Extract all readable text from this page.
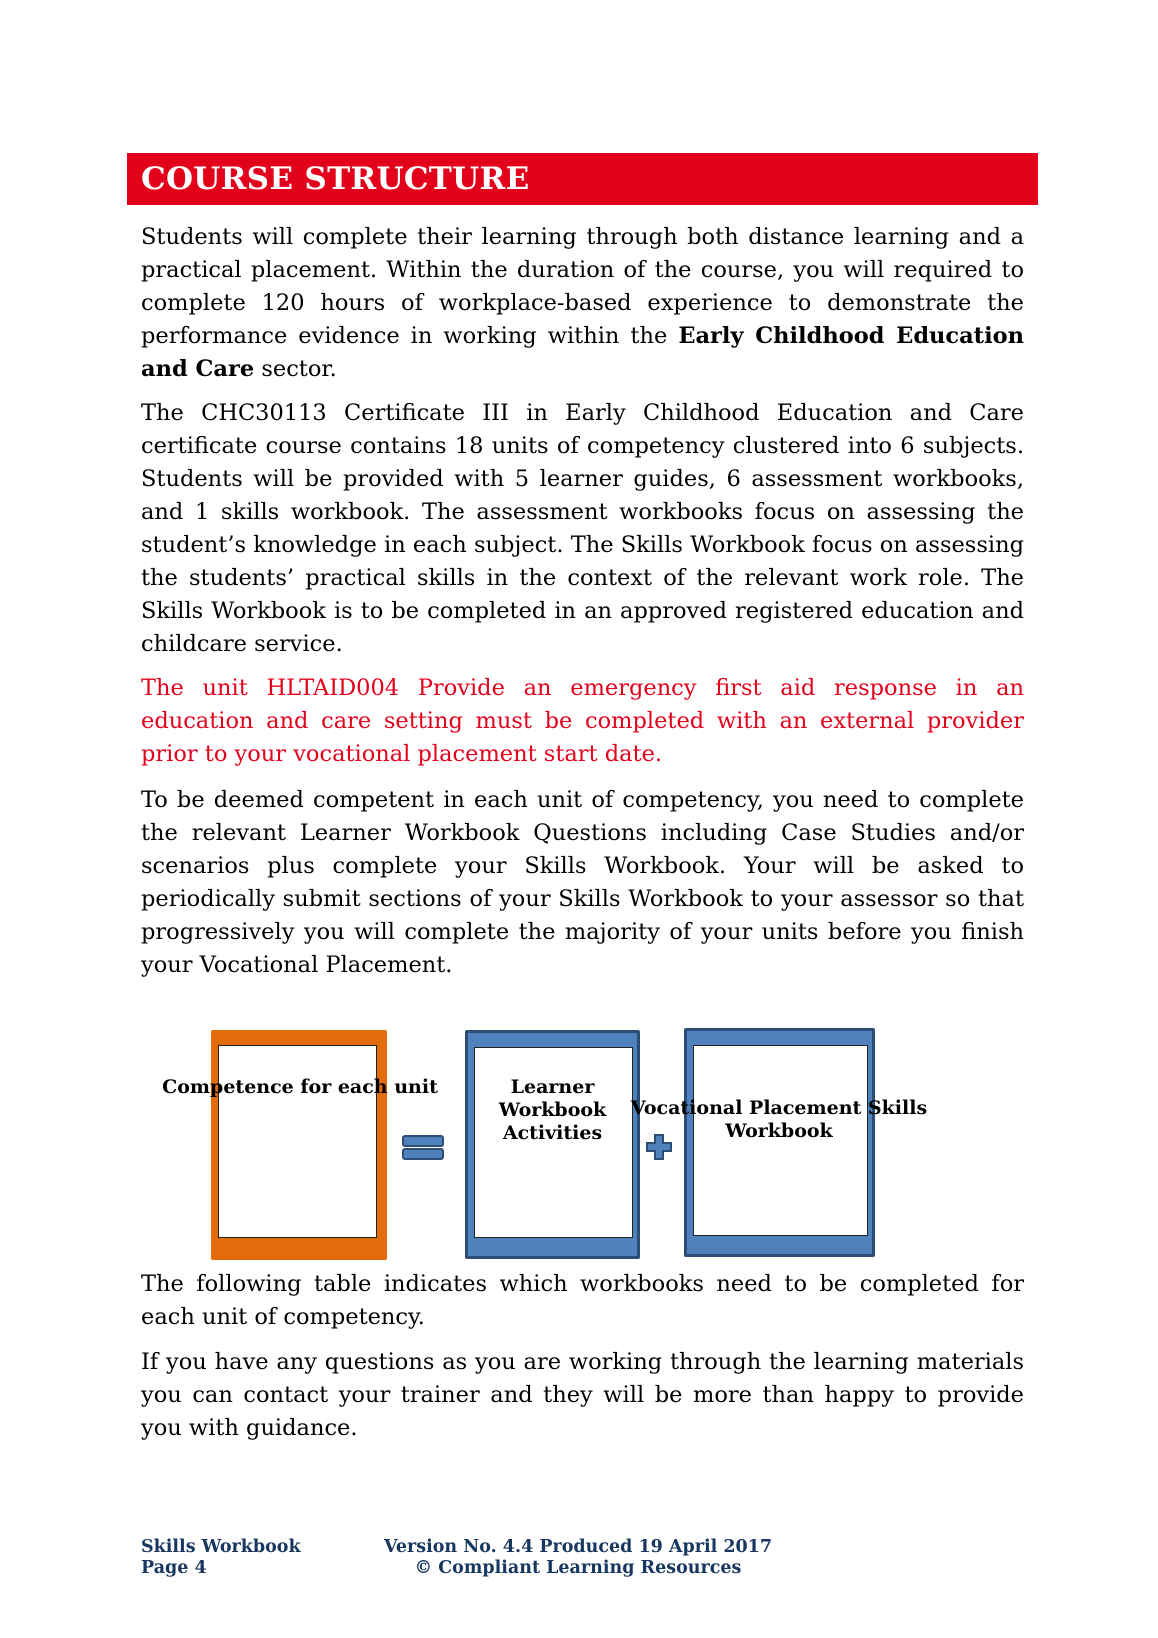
COURSE STRUCTURE

Students will complete their learning through both distance learning and a practical placement. Within the duration of the course, you will required to complete 120 hours of workplace-based experience to demonstrate the performance evidence in working within the Early Childhood Education and Care sector.

The CHC30113 Certificate III in Early Childhood Education and Care certificate course contains 18 units of competency clustered into 6 subjects. Students will be provided with 5 learner guides, 6 assessment workbooks, and 1 skills workbook. The assessment workbooks focus on assessing the student’s knowledge in each subject. The Skills Workbook focus on assessing the students’ practical skills in the context of the relevant work role. The Skills Workbook is to be completed in an approved registered education and childcare service.

The unit HLTAID004 Provide an emergency first aid response in an education and care setting must be completed with an external provider prior to your vocational placement start date.

To be deemed competent in each unit of competency, you need to complete the relevant Learner Workbook Questions including Case Studies and/or scenarios plus complete your Skills Workbook. Your will be asked to periodically submit sections of your Skills Workbook to your assessor so that progressively you will complete the majority of your units before you finish your Vocational Placement.

Competence for each unit	Learner Workbook Activities
Vocational Placement Skills Workbook

The following table indicates which workbooks need to be completed for each unit of competency.

If you have any questions as you are working through the learning materials you can contact your trainer and they will be more than happy to provide you with guidance.

Skills Workbook
Page 4
Version No. 4.4 Produced 19 April 2017
© Compliant Learning Resources
